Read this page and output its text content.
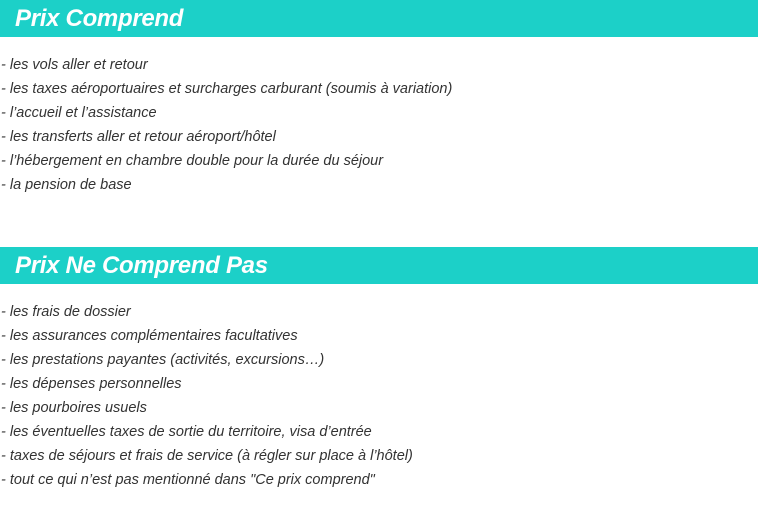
Prix Comprend
- les vols aller et retour
- les taxes aéroportuaires et surcharges carburant (soumis à variation)
- l’accueil et l’assistance
- les transferts aller et retour aéroport/hôtel
- l’hébergement en chambre double pour la durée du séjour
- la pension de base
Prix Ne Comprend Pas
- les frais de dossier
- les assurances complémentaires facultatives
- les prestations payantes (activités, excursions…)
- les dépenses personnelles
- les pourboires usuels
- les éventuelles taxes de sortie du territoire, visa d’entrée
- taxes de séjours et frais de service (à régler sur place à l’hôtel)
- tout ce qui n’est pas mentionné dans "Ce prix comprend"
